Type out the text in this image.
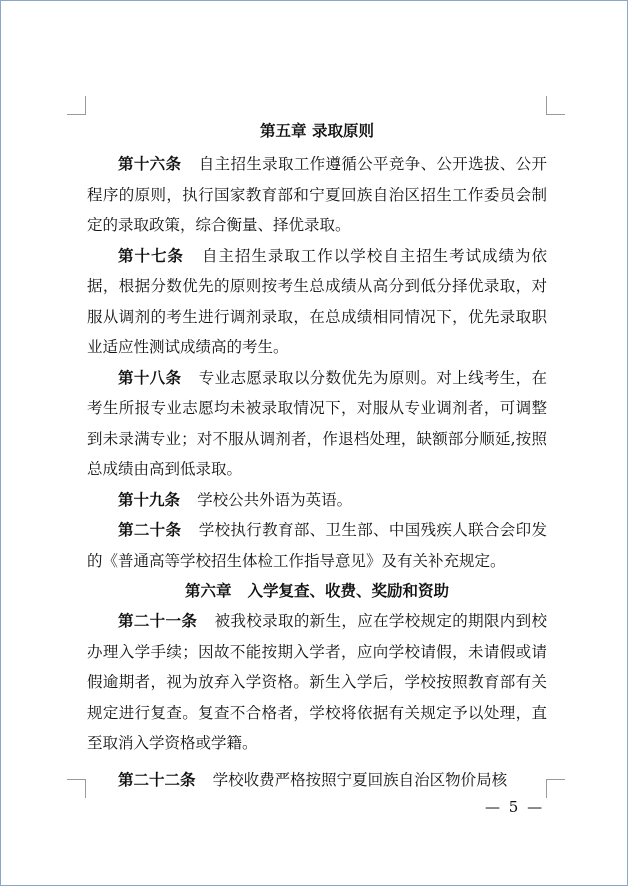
第五章 录取原则

第十六条 自主招生录取工作遵循公平竞争、公开选拔、公开程序的原则，执行国家教育部和宁夏回族自治区招生工作委员会制定的录取政策，综合衡量、择优录取。

第十七条 自主招生录取工作以学校自主招生考试成绩为依据，根据分数优先的原则按考生总成绩从高分到低分择优录取，对服从调剂的考生进行调剂录取，在总成绩相同情况下，优先录取职业适应性测试成绩高的考生。

第十八条 专业志愿录取以分数优先为原则。对上线考生，在考生所报专业志愿均未被录取情况下，对服从专业调剂者，可调整到未录满专业；对不服从调剂者，作退档处理，缺额部分顺延,按照总成绩由高到低录取。

第十九条 学校公共外语为英语。

第二十条 学校执行教育部、卫生部、中国残疾人联合会印发的《普通高等学校招生体检工作指导意见》及有关补充规定。

第六章 入学复查、收费、奖励和资助

第二十一条 被我校录取的新生，应在学校规定的期限内到校办理入学手续；因故不能按期入学者，应向学校请假，未请假或请假逾期者，视为放弃入学资格。新生入学后，学校按照教育部有关规定进行复查。复查不合格者，学校将依据有关规定予以处理，直至取消入学资格或学籍。

第二十二条 学校收费严格按照宁夏回族自治区物价局核

— 5 —
